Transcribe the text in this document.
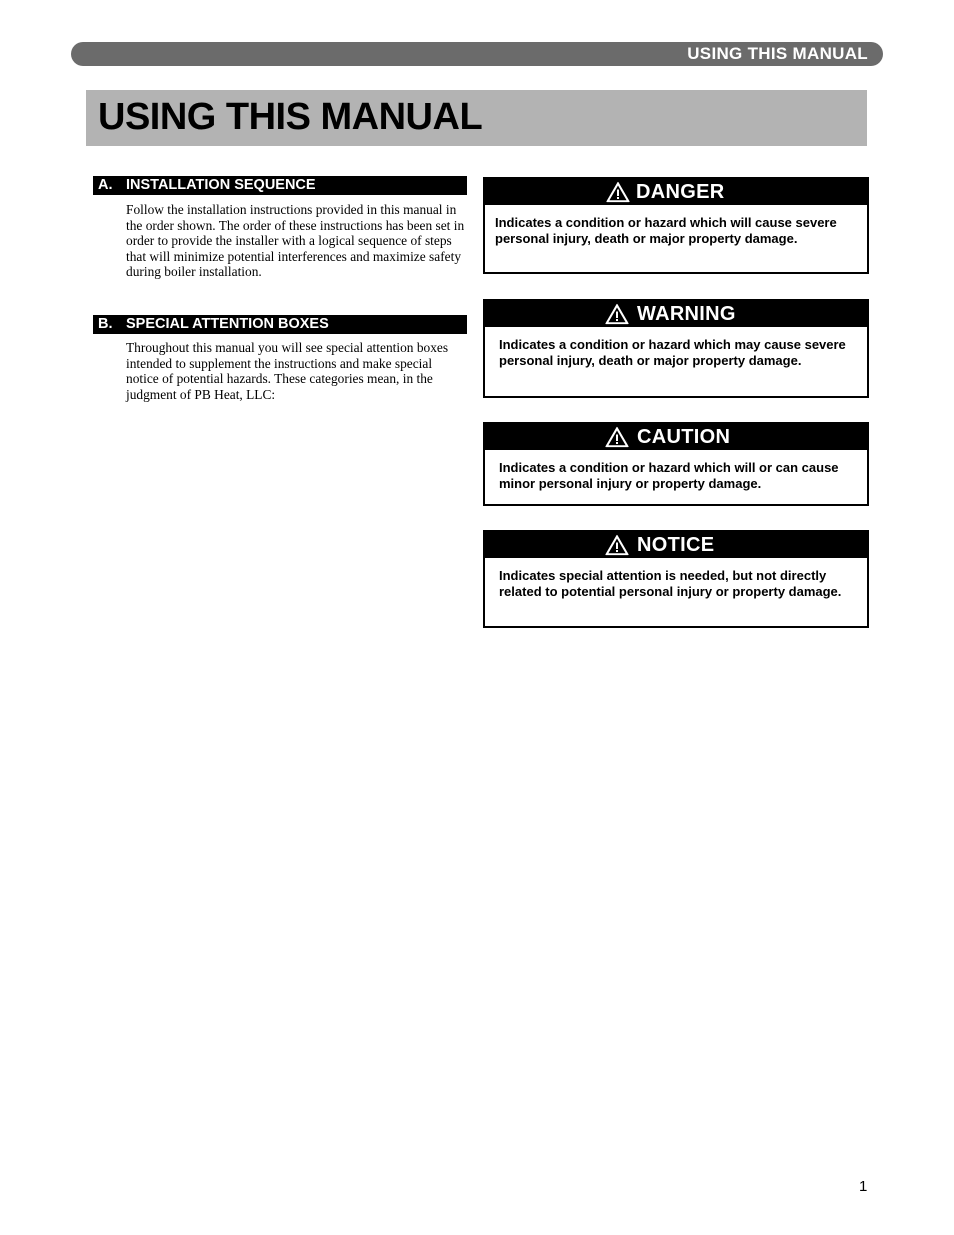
USING THIS MANUAL
USING THIS MANUAL
A. INSTALLATION SEQUENCE

Follow the installation instructions provided in this manual in the order shown. The order of these instructions has been set in order to provide the installer with a logical sequence of steps that will minimize potential interferences and maximize safety during boiler installation.

B. SPECIAL ATTENTION BOXES

Throughout this manual you will see special attention boxes intended to supplement the instructions and make special notice of potential hazards. These categories mean, in the judgment of PB Heat, LLC:

DANGER

Indicates a condition or hazard which will cause severe personal injury, death or major property damage.

WARNING

Indicates a condition or hazard which may cause severe personal injury, death or major property damage.

CAUTION

Indicates a condition or hazard which will or can cause minor personal injury or property damage.

NOTICE

Indicates special attention is needed, but not directly related to potential personal injury or property damage.

1
